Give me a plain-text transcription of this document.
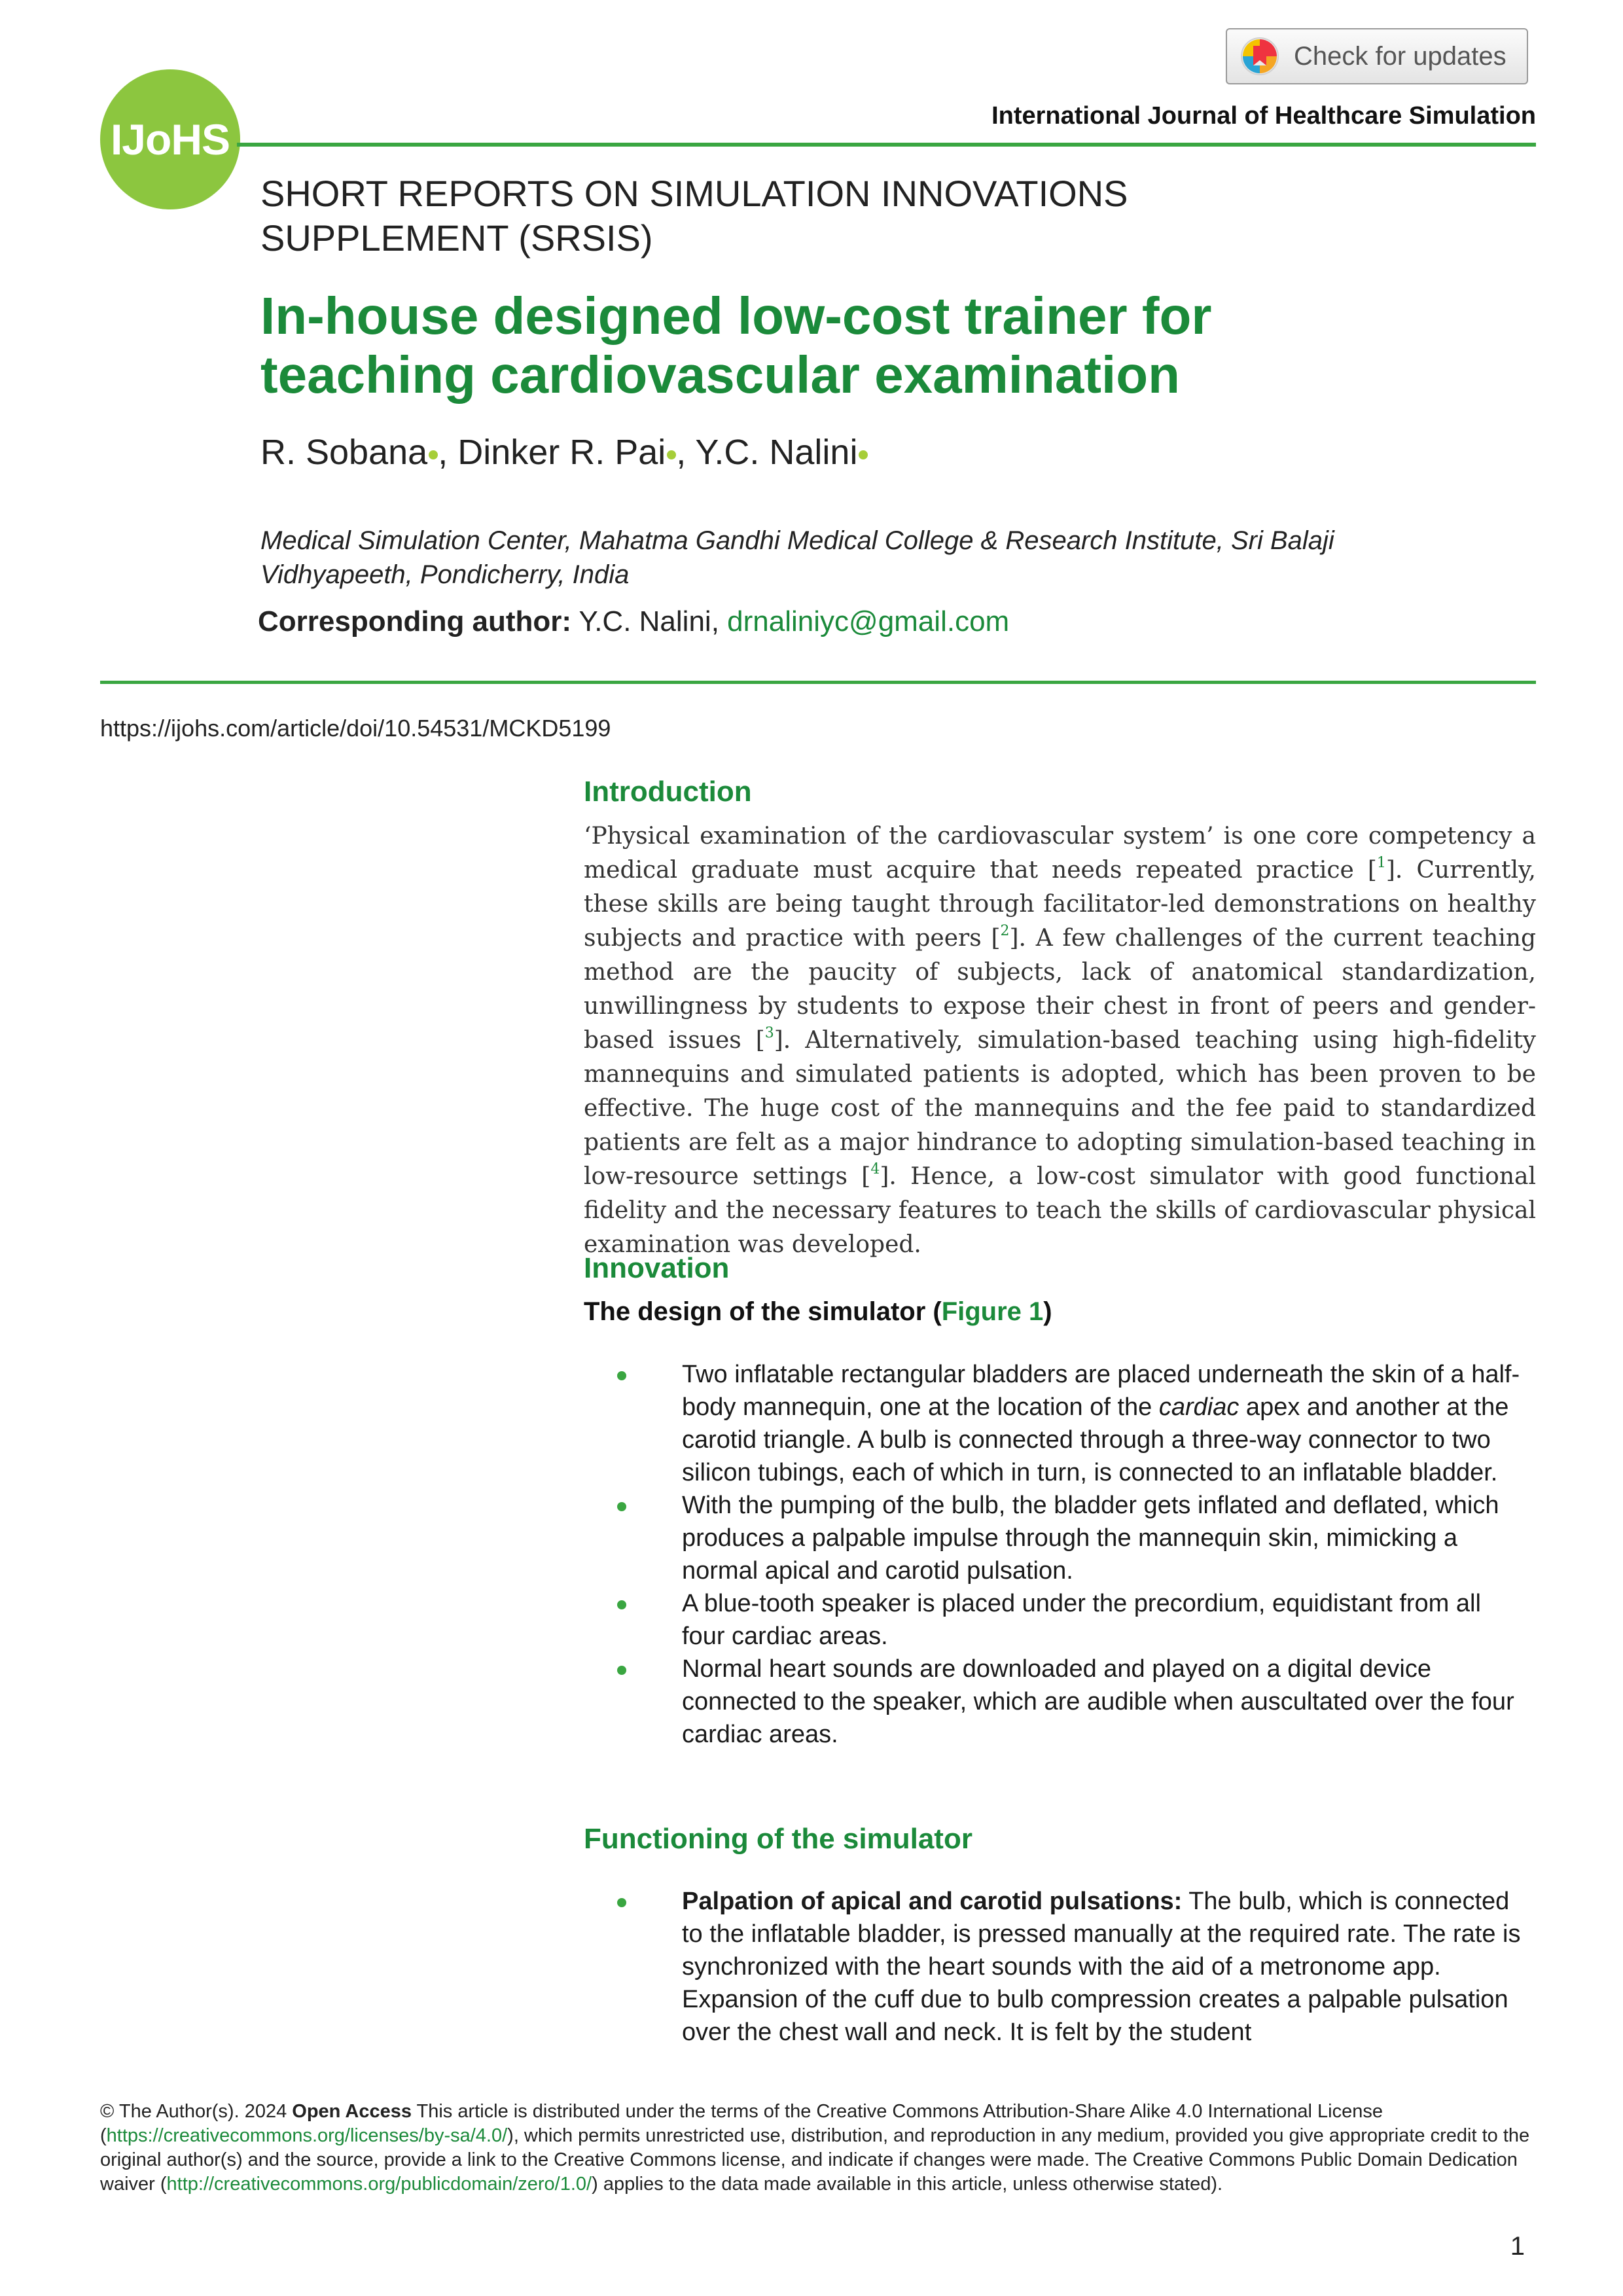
Check for updates
International Journal of Healthcare Simulation
IJoHS
SHORT REPORTS ON SIMULATION INNOVATIONS SUPPLEMENT (SRSIS)
In-house designed low-cost trainer for teaching cardiovascular examination
R. Sobana , Dinker R. Pai , Y.C. Nalini
Medical Simulation Center, Mahatma Gandhi Medical College & Research Institute, Sri Balaji Vidhyapeeth, Pondicherry, India
Corresponding author: Y.C. Nalini, drnaliniyc@gmail.com
https://ijohs.com/article/doi/10.54531/MCKD5199
Introduction
‘Physical examination of the cardiovascular system’ is one core competency a medical graduate must acquire that needs repeated practice [$^1$]. Currently, these skills are being taught through facilitator-led demonstrations on healthy subjects and practice with peers [$^2$]. A few challenges of the current teaching method are the paucity of subjects, lack of anatomical standardization, unwillingness by students to expose their chest in front of peers and gender-based issues [$^3$]. Alternatively, simulation-based teaching using high-fidelity mannequins and simulated patients is adopted, which has been proven to be effective. The huge cost of the mannequins and the fee paid to standardized patients are felt as a major hindrance to adopting simulation-based teaching in low-resource settings [$^4$]. Hence, a low-cost simulator with good functional fidelity and the necessary features to teach the skills of cardiovascular physical examination was developed.
Innovation
The design of the simulator (Figure 1)
Two inflatable rectangular bladders are placed underneath the skin of a half-body mannequin, one at the location of the cardiac apex and another at the carotid triangle. A bulb is connected through a three-way connector to two silicon tubings, each of which in turn, is connected to an inflatable bladder.
With the pumping of the bulb, the bladder gets inflated and deflated, which produces a palpable impulse through the mannequin skin, mimicking a normal apical and carotid pulsation.
A blue-tooth speaker is placed under the precordium, equidistant from all four cardiac areas.
Normal heart sounds are downloaded and played on a digital device connected to the speaker, which are audible when auscultated over the four cardiac areas.
Functioning of the simulator
Palpation of apical and carotid pulsations: The bulb, which is connected to the inflatable bladder, is pressed manually at the required rate. The rate is synchronized with the heart sounds with the aid of a metronome app. Expansion of the cuff due to bulb compression creates a palpable pulsation over the chest wall and neck. It is felt by the student
© The Author(s). 2024 Open Access This article is distributed under the terms of the Creative Commons Attribution-Share Alike 4.0 International License (https://creativecommons.org/licenses/by-sa/4.0/), which permits unrestricted use, distribution, and reproduction in any medium, provided you give appropriate credit to the original author(s) and the source, provide a link to the Creative Commons license, and indicate if changes were made. The Creative Commons Public Domain Dedication waiver (http://creativecommons.org/publicdomain/zero/1.0/) applies to the data made available in this article, unless otherwise stated).
1
